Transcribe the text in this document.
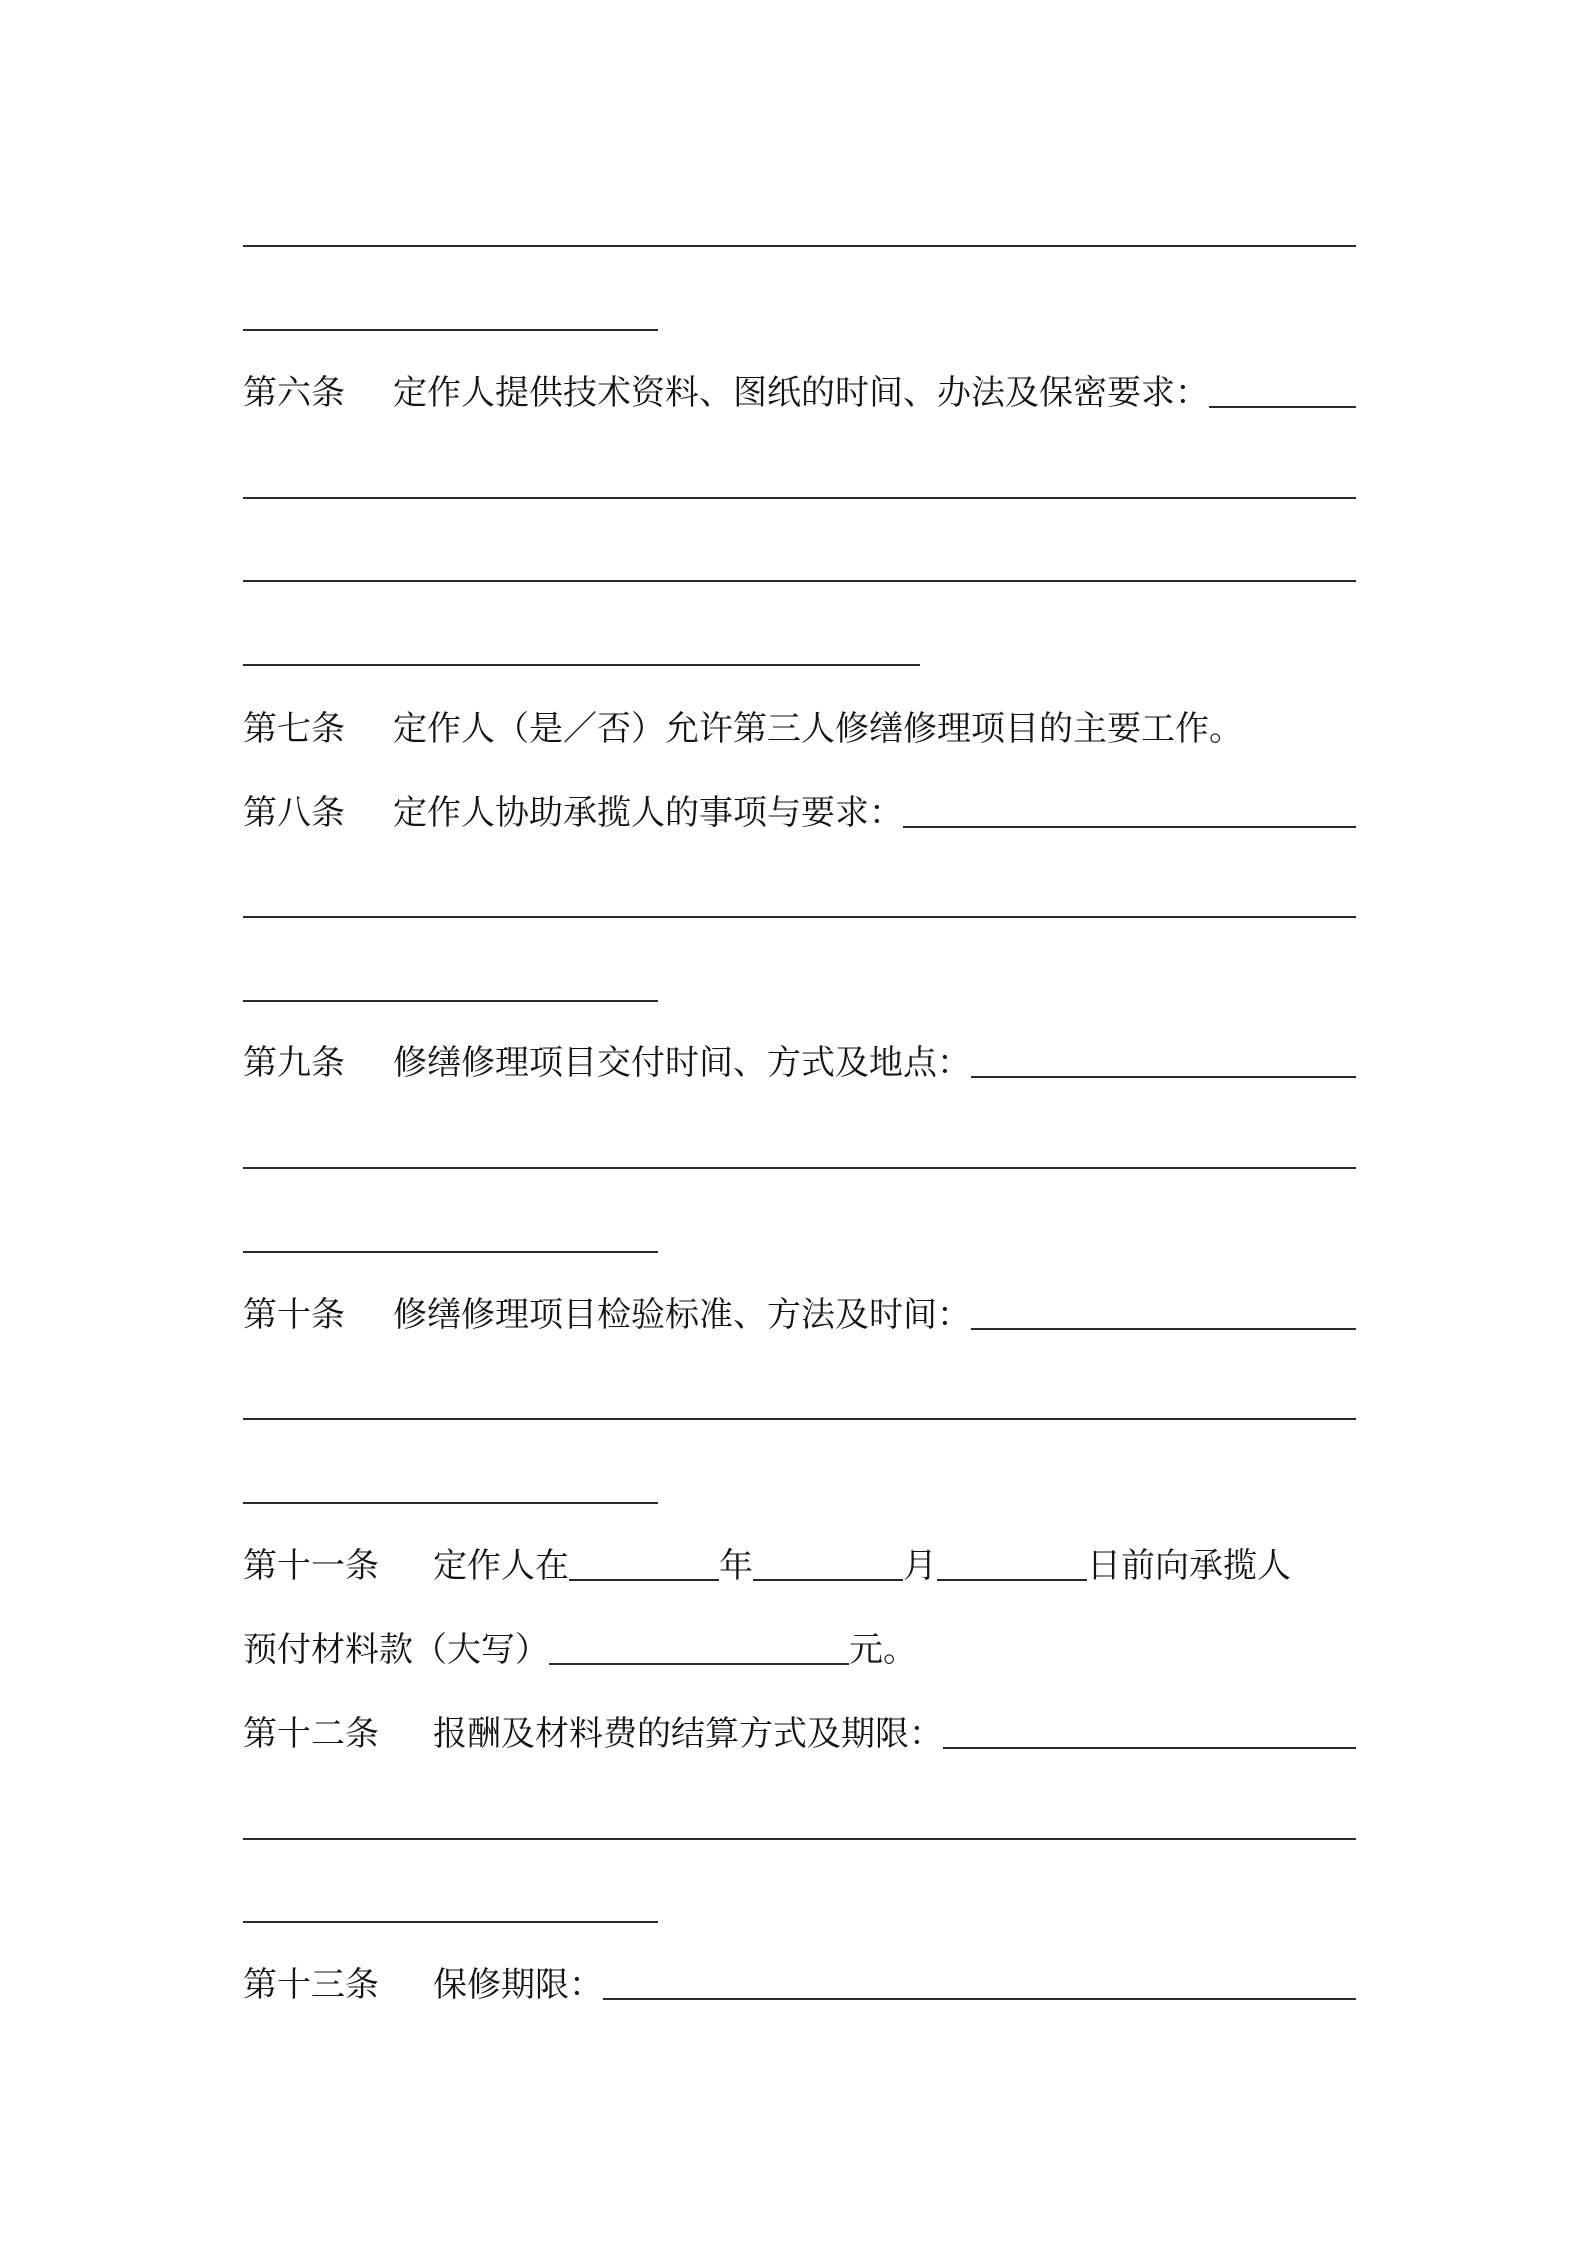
第六条	定作人提供技术资料、图纸的时间、办法及保密要求：
第七条	定作人（是／否）允许第三人修缮修理项目的主要工作。
第八条	定作人协助承揽人的事项与要求：
第九条	修缮修理项目交付时间、方式及地点：
第十条	修缮修理项目检验标准、方法及时间：
第十一条	定作人在	年	月	日前向承揽人
预付材料款（大写）	元。
第十二条	报酬及材料费的结算方式及期限：
第十三条	保修期限：
